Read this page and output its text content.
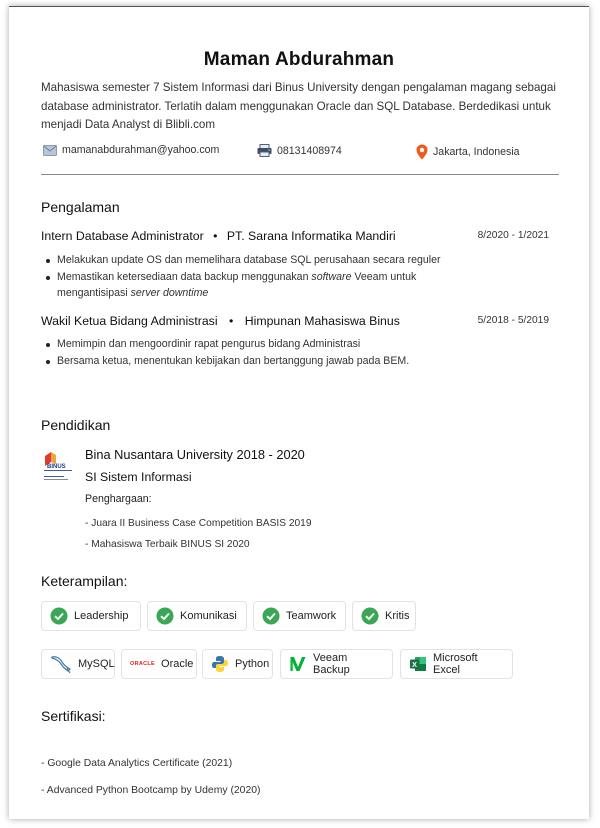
Maman Abdurahman
Mahasiswa semester 7 Sistem Informasi dari Binus University dengan pengalaman magang sebagai database administrator. Terlatih dalam menggunakan Oracle dan SQL Database. Berdedikasi untuk menjadi Data Analyst di Blibli.com
mamanabdurahman@yahoo.com	08131408974	Jakarta, Indonesia
Pengalaman
Intern Database Administrator • PT. Sarana Informatika Mandiri	8/2020 - 1/2021
Melakukan update OS dan memelihara database SQL perusahaan secara reguler
Memastikan ketersediaan data backup menggunakan software Veeam untuk mengantisipasi server downtime
Wakil Ketua Bidang Administrasi • Himpunan Mahasiswa Binus	5/2018 - 5/2019
Memimpin dan mengoordinir rapat pengurus bidang Administrasi
Bersama ketua, menentukan kebijakan dan bertanggung jawab pada BEM.
Pendidikan
BINUS
Bina Nusantara University 2018 - 2020
SI Sistem Informasi
Penghargaan:
- Juara II Business Case Competition BASIS 2019
- Mahasiswa Terbaik BINUS SI 2020
Keterampilan:
Leadership	Komunikasi	Teamwork	Kritis
MySQL	ORACLE Oracle	Python	Veeam Backup	X
Microsoft Excel
Sertifikasi:
- Google Data Analytics Certificate (2021)
- Advanced Python Bootcamp by Udemy (2020)
